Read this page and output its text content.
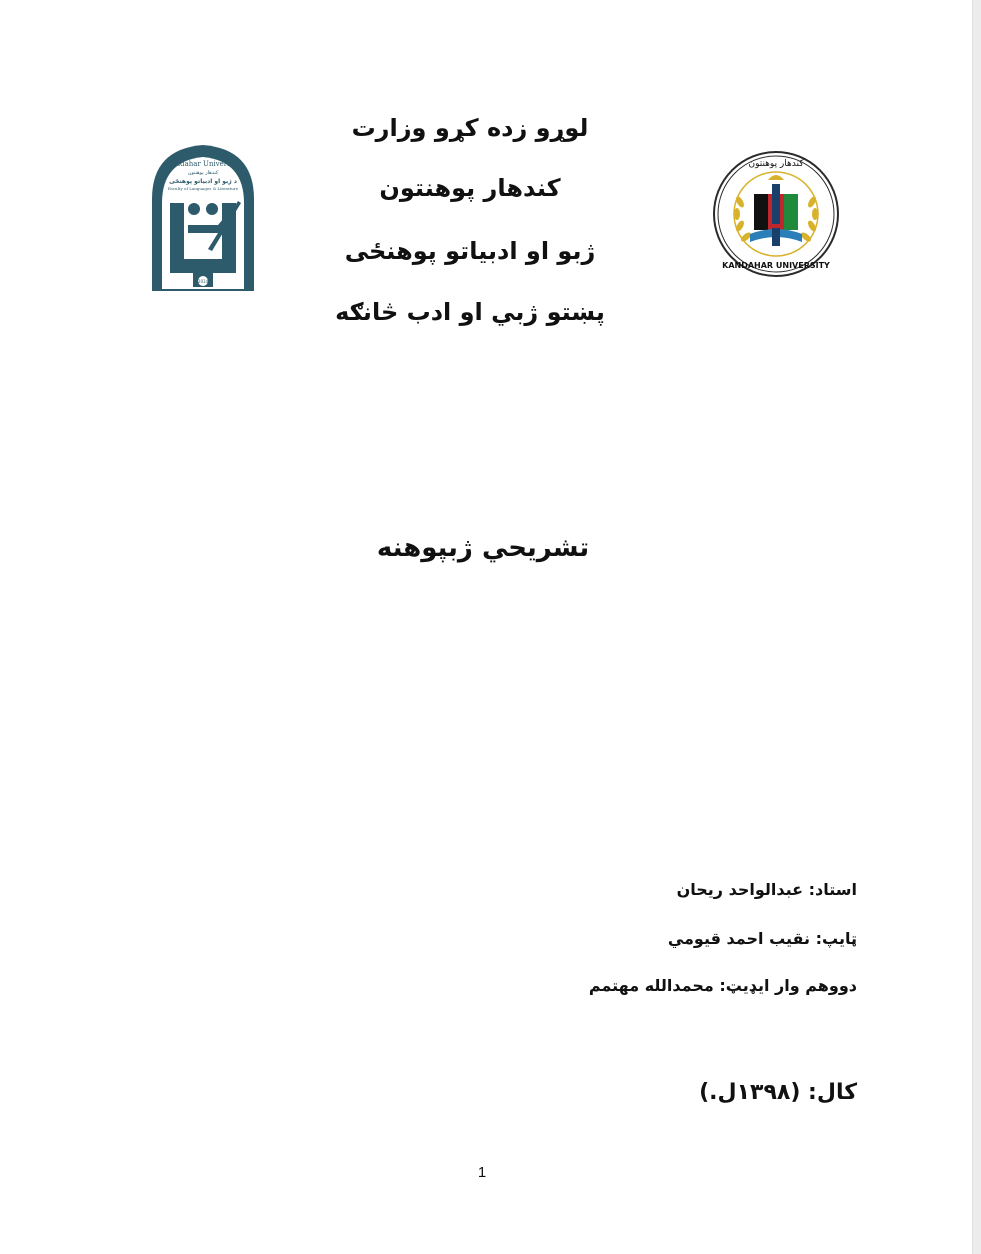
Kandahar University
کندهار پوهنتون
د ژبو او ادبياتو پوهنځی
Faculty of Languages & Literature
2014
کندهار پوهنتون
KANDAHAR UNIVERSITY
لوړو زده کړو وزارت
کندهار پوهنتون
ژبو او ادبیاتو پوهنځی
پښتو ژبي او ادب څانګه
تشریحي ژبپوهنه
استاد: عبدالواحد ريحان
ټايپ: نقيب احمد قيومي
دووهم وار ايډيټ: محمدالله مهتمم
کال: (۱۳۹۸ل.)
1
